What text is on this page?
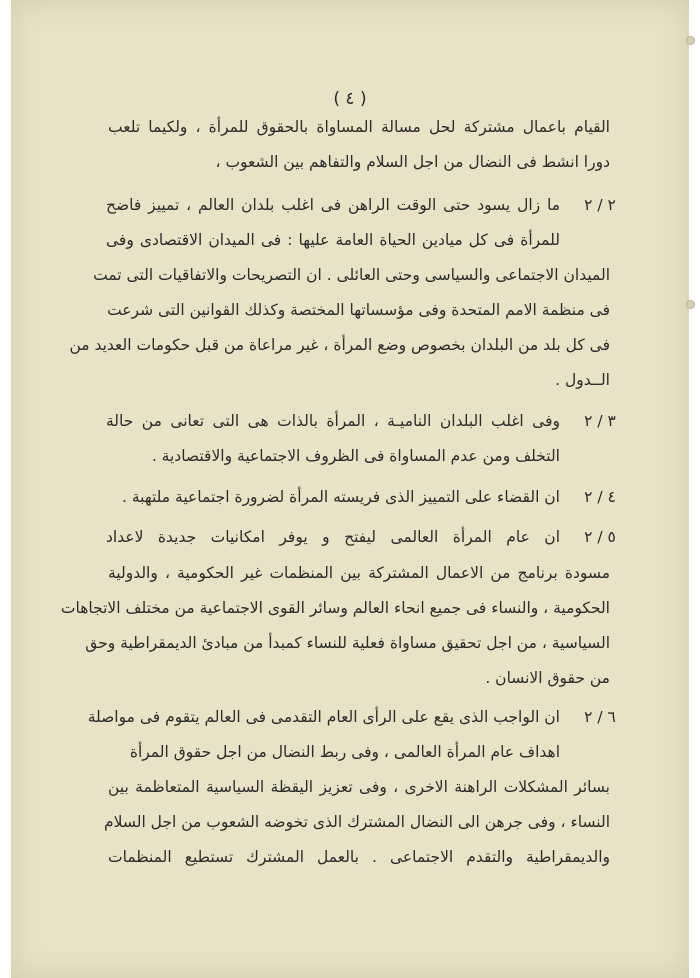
( ٤ )
القيام باعمال مشتركة لحل مسالة المساواة بالحقوق للمرأة ، ولكيما تلعب
دورا انشط فى النضال من اجل السلام والتفاهم بين الشعوب ،
٢ / ٢
ما زال يسود حتى الوقت الراهن فى اغلب بلدان العالم ، تمييز فاضح
للمرأة فى كل ميادين الحياة العامة عليها : فى الميدان الاقتصادى وفى
الميدان الاجتماعى والسياسى وحتى العائلى . ان التصريحات والاتفاقيات التى تمت
فى منظمة الامم المتحدة وفى مؤسساتها المختصة وكذلك القوانين التى شرعت
فى كل بلد من البلدان بخصوص وضع المرأة ، غير مراعاة من قبل حكومات العديد من
الــدول .
٣ / ٢
وفى اغلب البلدان الناميـة ، المرأة بالذات هى التى تعانى من حالة
التخلف ومن عدم المساواة فى الظروف الاجتماعية والاقتصادية .
٤ / ٢
ان القضاء على التمييز الذى فريسته المرأة لضرورة اجتماعية ملتهبة .
٥ / ٢
ان عام المرأة العالمى ليفتح و يوفر امكانيات جديدة لاعداد
مسودة برنامج من الاعمال المشتركة بين المنظمات غير الحكومية ، والدولية
الحكومية ، والنساء فى جميع انحاء العالم وسائر القوى الاجتماعية من مختلف الاتجاهات
السياسية ، من اجل تحقيق مساواة فعلية للنساء كمبدأ من مبادئ الديمقراطية وحق
من حقوق الانسان .
٦ / ٢
ان الواجب الذى يقع على الرأى العام التقدمى فى العالم يتقوم فى مواصلة
اهداف عام المرأة العالمى ، وفى ربط النضال من اجل حقوق المرأة
بسائر المشكلات الراهنة الاخرى ، وفى تعزيز اليقظة السياسية المتعاظمة بين
النساء ، وفى جرهن الى النضال المشترك الذى تخوضه الشعوب من اجل السلام
والديمقراطية والتقدم الاجتماعى . بالعمل المشترك تستطيع المنظمات
